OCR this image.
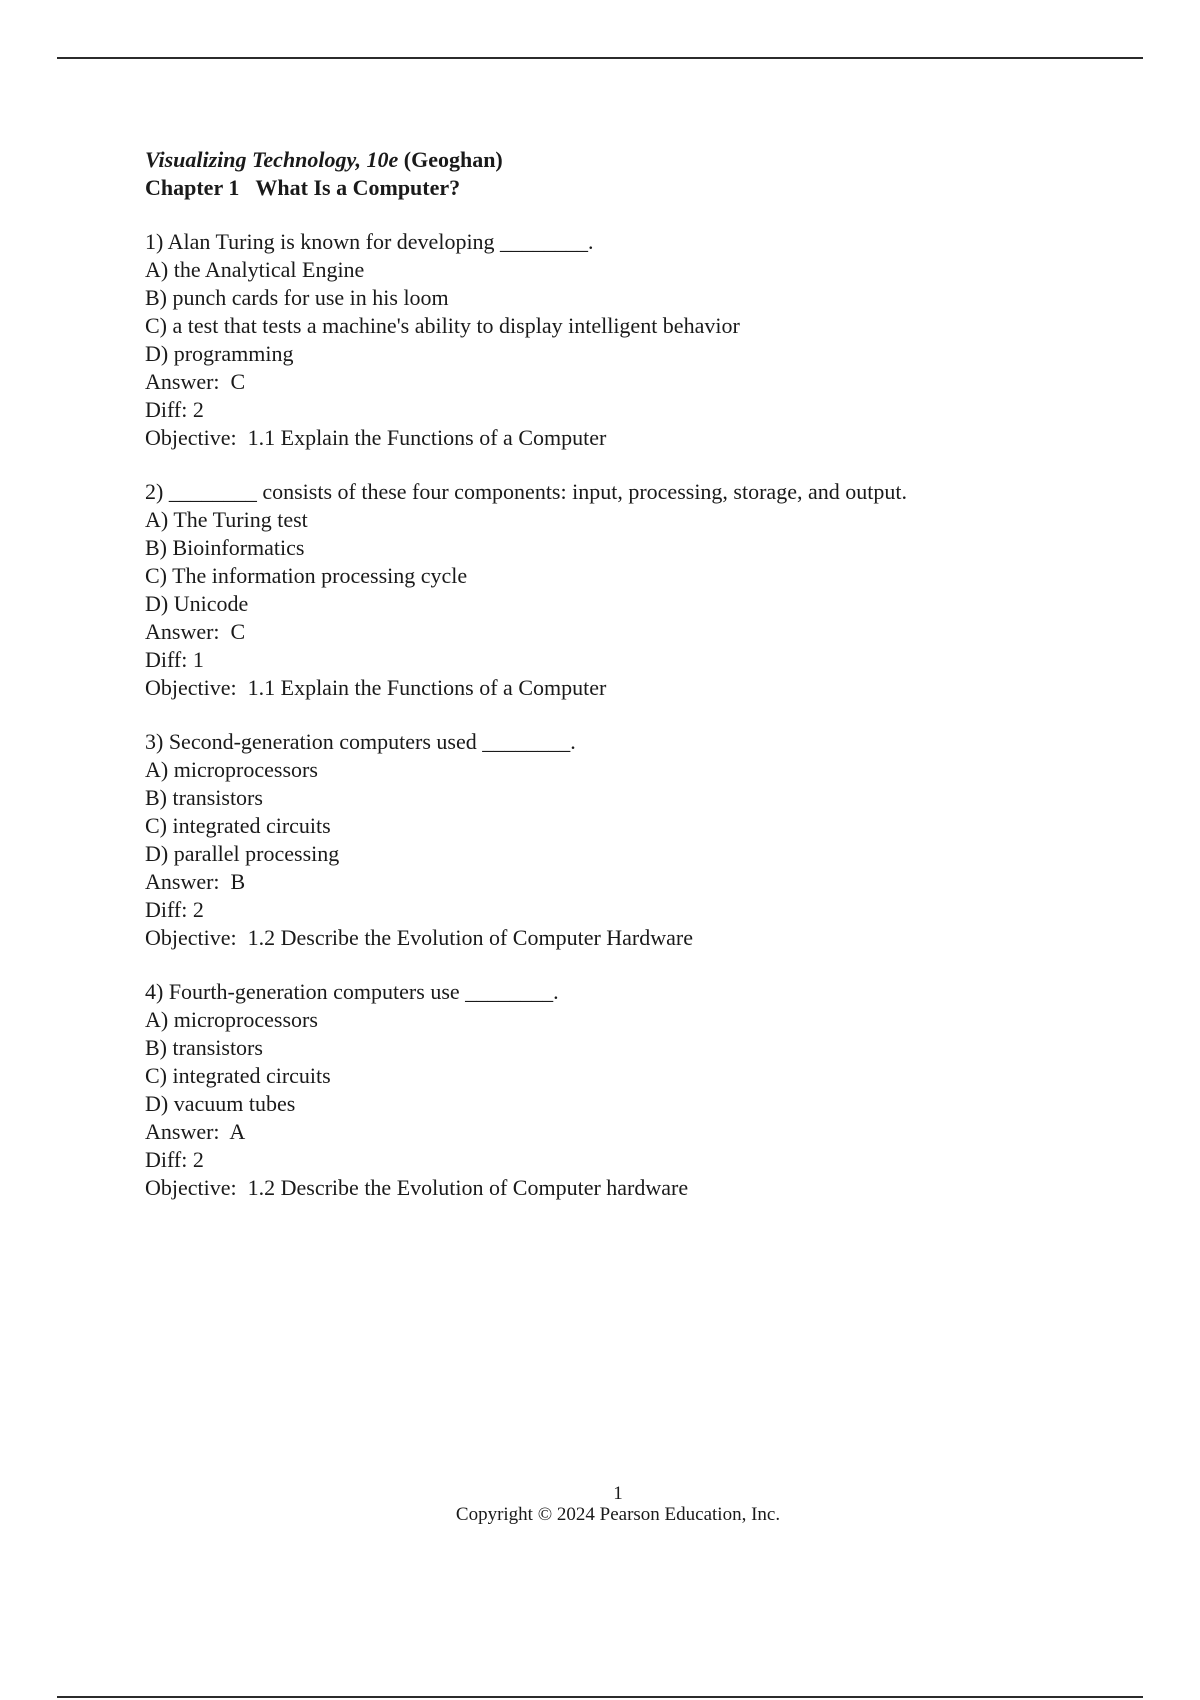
Visualizing Technology, 10e (Geoghan)
Chapter 1   What Is a Computer?
1) Alan Turing is known for developing ________.
A) the Analytical Engine
B) punch cards for use in his loom
C) a test that tests a machine's ability to display intelligent behavior
D) programming
Answer:  C
Diff: 2
Objective:  1.1 Explain the Functions of a Computer
2) ________ consists of these four components: input, processing, storage, and output.
A) The Turing test
B) Bioinformatics
C) The information processing cycle
D) Unicode
Answer:  C
Diff: 1
Objective:  1.1 Explain the Functions of a Computer
3) Second-generation computers used ________.
A) microprocessors
B) transistors
C) integrated circuits
D) parallel processing
Answer:  B
Diff: 2
Objective:  1.2 Describe the Evolution of Computer Hardware
4) Fourth-generation computers use ________.
A) microprocessors
B) transistors
C) integrated circuits
D) vacuum tubes
Answer:  A
Diff: 2
Objective:  1.2 Describe the Evolution of Computer hardware
1
Copyright © 2024 Pearson Education, Inc.
